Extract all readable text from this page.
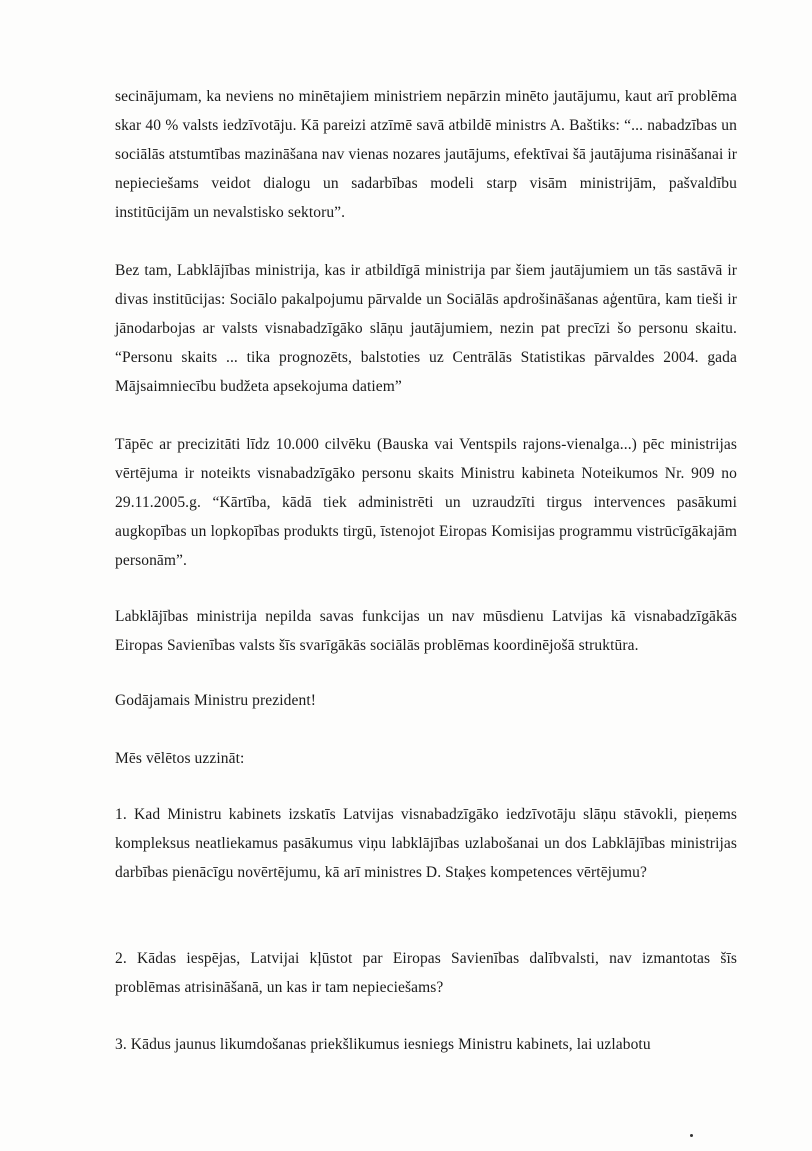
secinājumam, ka neviens no minētajiem ministriem nepārzin minēto jautājumu, kaut arī problēma skar 40 % valsts iedzīvotāju. Kā pareizi atzīmē savā atbildē ministrs A. Baštiks: “... nabadzības un sociālās atstumtības mazināšana nav vienas nozares jautājums, efektīvai šā jautājuma risināšanai ir nepieciešams veidot dialogu un sadarbības modeli starp visām ministrijām, pašvaldību institūcijām un nevalstisko sektoru”.

Bez tam, Labklājības ministrija, kas ir atbildīgā ministrija par šiem jautājumiem un tās sastāvā ir divas institūcijas: Sociālo pakalpojumu pārvalde un Sociālās apdrošināšanas aģentūra, kam tieši ir jānodarbojas ar valsts visnabadzīgāko slāņu jautājumiem, nezin pat precīzi šo personu skaitu. “Personu skaits ... tika prognozēts, balstoties uz Centrālās Statistikas pārvaldes 2004. gada Mājsaimniecību budžeta apsekojuma datiem”

Tāpēc ar precizitāti līdz 10.000 cilvēku (Bauska vai Ventspils rajons-vienalga...) pēc ministrijas vērtējuma ir noteikts visnabadzīgāko personu skaits Ministru kabineta Noteikumos Nr. 909 no 29.11.2005.g. “Kārtība, kādā tiek administrēti un uzraudzīti tirgus intervences pasākumi augkopības un lopkopības produkts tirgū, īstenojot Eiropas Komisijas programmu vistrūcīgākajām personām”.

Labklājības ministrija nepilda savas funkcijas un nav mūsdienu Latvijas kā visnabadzīgākās Eiropas Savienības valsts šīs svarīgākās sociālās problēmas koordinējošā struktūra.

Godājamais Ministru prezident!

Mēs vēlētos uzzināt:

1. Kad Ministru kabinets izskatīs Latvijas visnabadzīgāko iedzīvotāju slāņu stāvokli, pieņems kompleksus neatliekamus pasākumus viņu labklājības uzlabošanai un dos Labklājības ministrijas darbības pienācīgu novērtējumu, kā arī ministres D. Staķes kompetences vērtējumu?

2. Kādas iespējas, Latvijai kļūstot par Eiropas Savienības dalībvalsti, nav izmantotas šīs problēmas atrisināšanā, un kas ir tam nepieciešams?

3. Kādus jaunus likumdošanas priekšlikumus iesniegs Ministru kabinets, lai uzlabotu
